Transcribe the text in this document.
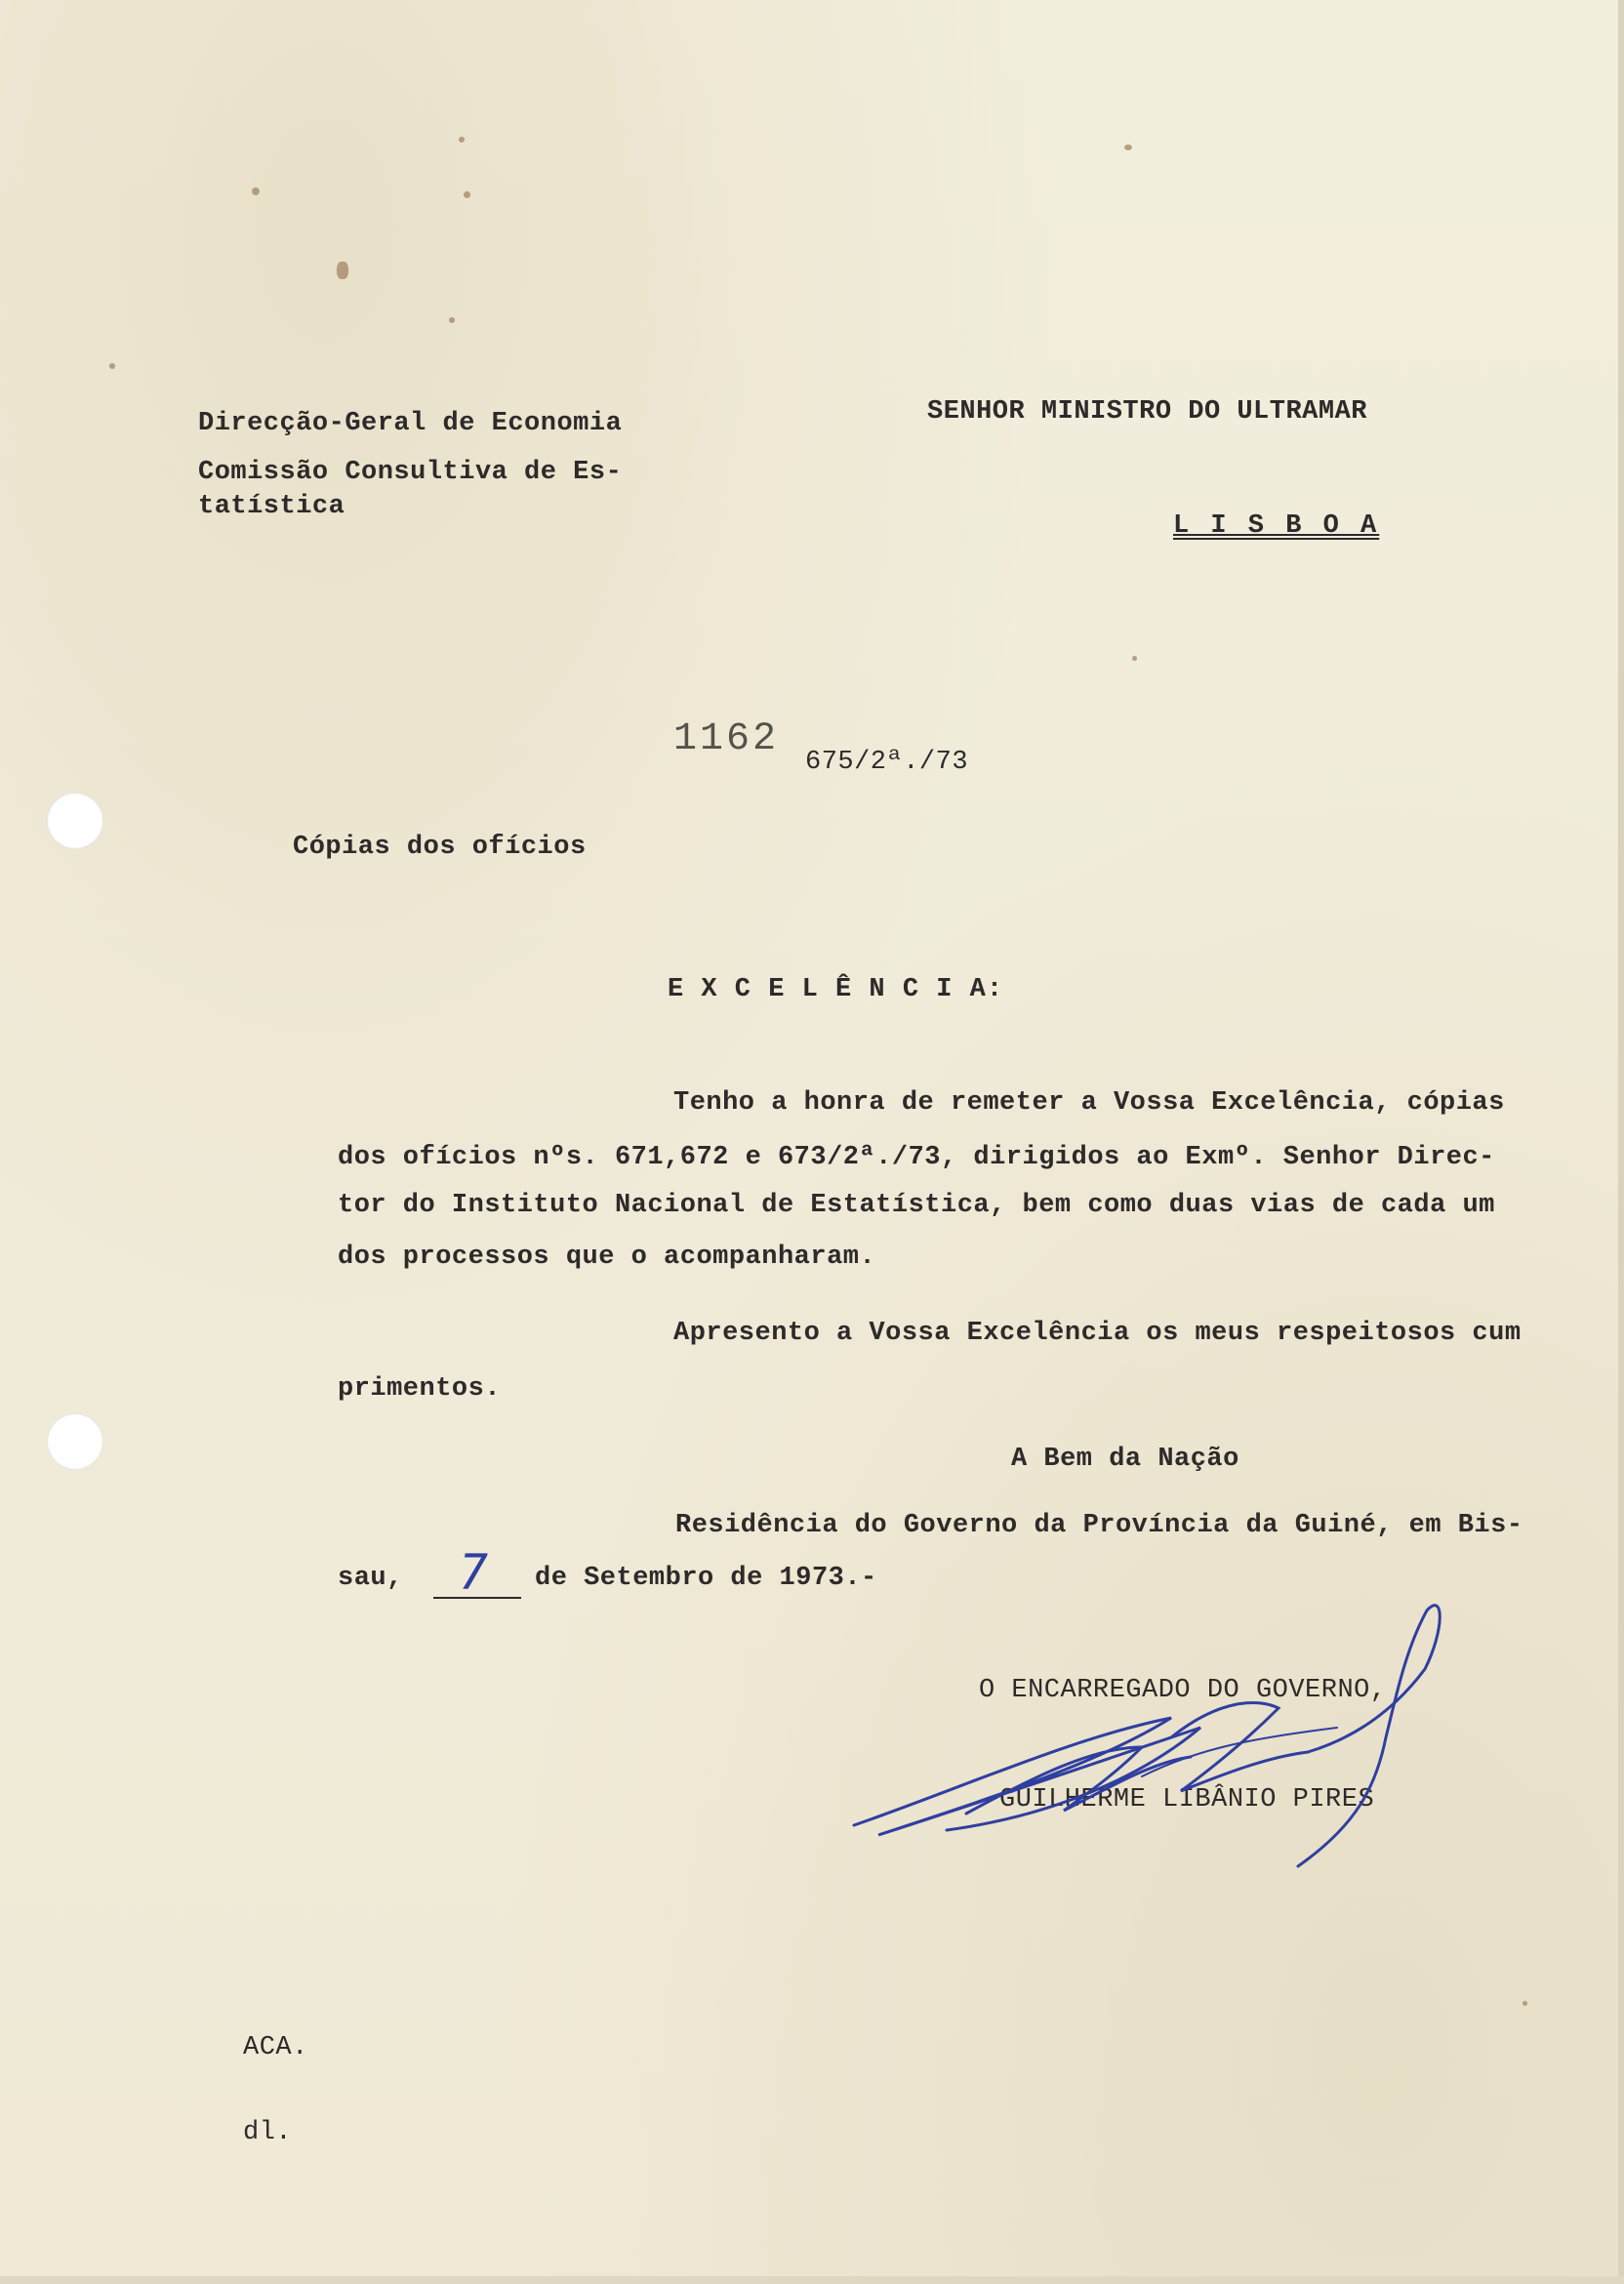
Direcção-Geral de Economia
Comissão Consultiva de Es-
tatística
SENHOR MINISTRO DO ULTRAMAR
L I S B O A
1162
675/2ª./73
Cópias dos ofícios
E X C E L Ê N C I A:
Tenho a honra de remeter a Vossa Excelência, cópias
dos ofícios nºs. 671,672 e 673/2ª./73, dirigidos ao Exmº. Senhor Direc-
tor do Instituto Nacional de Estatística, bem como duas vias de cada um
dos processos que o acompanharam.
Apresento a Vossa Excelência os meus respeitosos cum
primentos.
A Bem da Nação
Residência do Governo da Província da Guiné, em Bis-
sau, 7 de Setembro de 1973.-
O ENCARREGADO DO GOVERNO,
GUILHERME LIBÂNIO PIRES
ACA.
dl.
